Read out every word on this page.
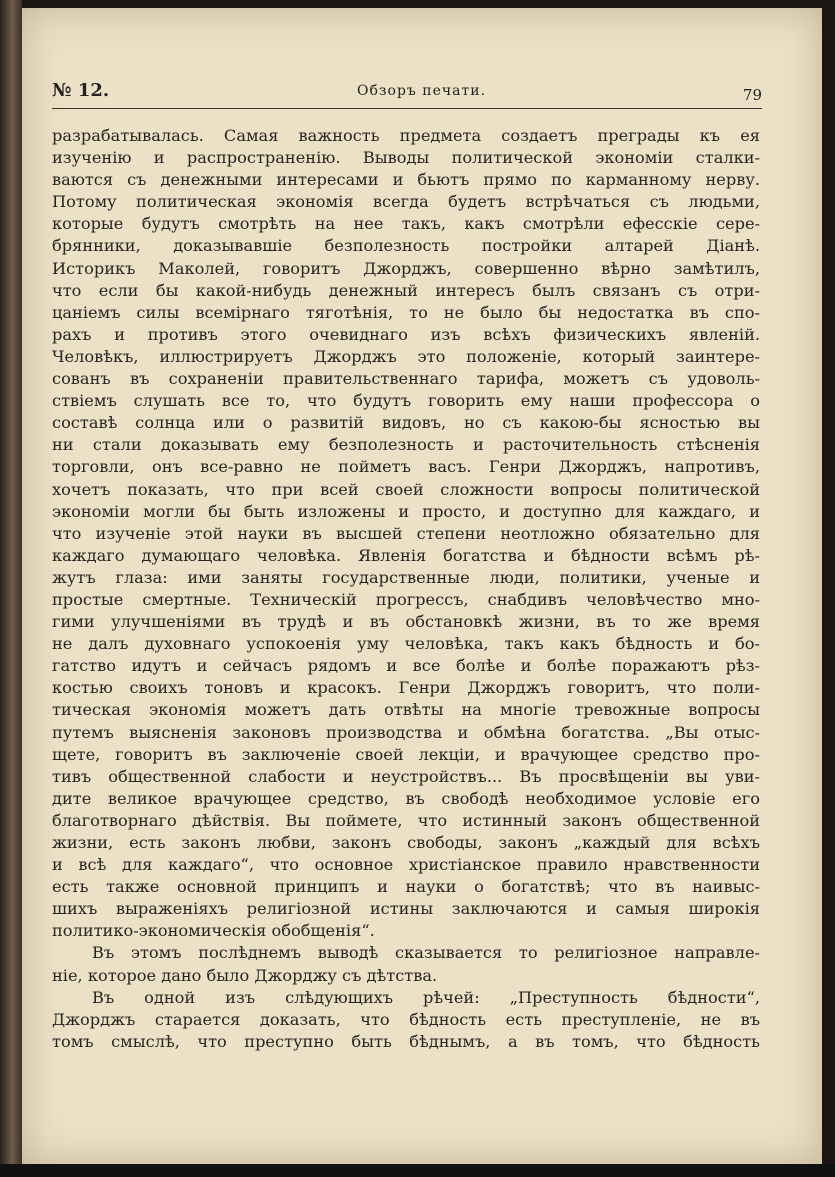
№ 12.	Обзоръ печати.	79
разрабатывалась. Самая важность предмета создаетъ преграды къ ея
изученію и распространенію. Выводы политической экономіи сталки-
ваются съ денежными интересами и бьютъ прямо по карманному нерву.
Потому политическая экономія всегда будетъ встрѣчаться съ людьми,
которые будутъ смотрѣть на нее такъ, какъ смотрѣли ефесскіе сере-
брянники, доказывавшіе безполезность постройки алтарей Діанѣ.
Историкъ Маколей, говоритъ Джорджъ, совершенно вѣрно замѣтилъ,
что если бы какой-нибудь денежный интересъ былъ связанъ съ отри-
цаніемъ силы всемірнаго тяготѣнія, то не было бы недостатка въ спо-
рахъ и противъ этого очевиднаго изъ всѣхъ физическихъ явленій.
Человѣкъ, иллюстрируетъ Джорджъ это положеніе, который заинтере-
сованъ въ сохраненіи правительственнаго тарифа, можетъ съ удоволь-
ствіемъ слушать все то, что будутъ говорить ему наши профессора о
составѣ солнца или о развитій видовъ, но съ какою-бы ясностью вы
ни стали доказывать ему безполезность и расточительность стѣсненія
торговли, онъ все-равно не пойметъ васъ. Генри Джорджъ, напротивъ,
хочетъ показать, что при всей своей сложности вопросы политической
экономіи могли бы быть изложены и просто, и доступно для каждаго, и
что изученіе этой науки въ высшей степени неотложно обязательно для
каждаго думающаго человѣка. Явленія богатства и бѣдности всѣмъ рѣ-
жутъ глаза: ими заняты государственные люди, политики, ученые и
простые смертные. Техническій прогрессъ, снабдивъ человѣчество мно-
гими улучшеніями въ трудѣ и въ обстановкѣ жизни, въ то же время
не далъ духовнаго успокоенія уму человѣка, такъ какъ бѣдность и бо-
гатство идутъ и сейчасъ рядомъ и все болѣе и болѣе поражаютъ рѣз-
костью своихъ тоновъ и красокъ. Генри Джорджъ говоритъ, что поли-
тическая экономія можетъ дать отвѣты на многіе тревожные вопросы
путемъ выясненія законовъ производства и обмѣна богатства. „Вы отыс-
щете, говоритъ въ заключеніе своей лекціи, и врачующее средство про-
тивъ общественной слабости и неустройствъ... Въ просвѣщеніи вы уви-
дите великое врачующее средство, въ свободѣ необходимое условіе его
благотворнаго дѣйствія. Вы поймете, что истинный законъ общественной
жизни, есть законъ любви, законъ свободы, законъ „каждый для всѣхъ
и всѣ для каждаго“, что основное христіанское правило нравственности
есть также основной принципъ и науки о богатствѣ; что въ наивыс-
шихъ выраженіяхъ религіозной истины заключаются и самыя широкія
политико-экономическія обобщенія“.
Въ этомъ послѣднемъ выводѣ сказывается то религіозное направле-
ніе, которое дано было Джорджу съ дѣтства.
Въ одной изъ слѣдующихъ рѣчей: „Преступность бѣдности“,
Джорджъ старается доказать, что бѣдность есть преступленіе, не въ
томъ смыслѣ, что преступно быть бѣднымъ, а въ томъ, что бѣдность
